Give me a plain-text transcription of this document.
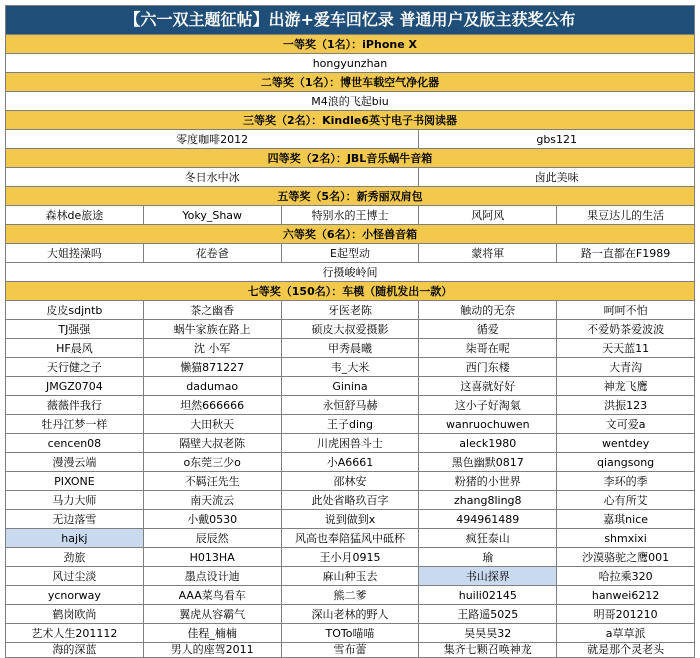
【六一双主题征帖】出游+爱车回忆录 普通用户及版主获奖公布				
一等奖（1名）：iPhone X				
hongyunzhan				
二等奖（1名）：博世车载空气净化器				
M4浪的飞起biu				
三等奖（2名）：Kindle6英寸电子书阅读器				
零度咖啡2012			gbs121	
四等奖（2名）：JBL音乐蜗牛音箱				
冬日水中冰			卤此美味	
五等奖（5名）：新秀丽双肩包				
森林de旅途	Yoky_Shaw	特别水的王博士	风阿风	果豆达儿的生活
六等奖（6名）：小怪兽音箱				
大姐搓澡吗	花卷爸	E起型动	蒙将軍	路一直都在F1989
行摄峻岭间				
七等奖（150名）：车模（随机发出一款）				
皮皮sdjntb	茶之幽香	牙医老陈	触动的无奈	呵呵不怕
TJ强强	蜗牛家族在路上	硕皮大叔爱摄影	循爱	不爱奶茶爱波波
HF晨风	沈 小军	甲秀晨曦	柒哥在呢	天天蓝11
天行健之子	懒猫871227	韦_大米	西门东楼	大青沟
JMGZ0704	dadumao	Ginina	这喜就好好	神龙飞鹰
薇薇伴我行	坦然666666	永恒舒马赫	这小子好淘氣	洪振123
牡丹江梦一样	大田秋天	王子ding	wanruochuwen	文可爱a
cencen08	隔壁大叔老陈	川虎困兽斗士	aleck1980	wentdey
漫漫云端	o东莞三少o	小A6661	黑色幽默0817	qiangsong
PIXONE	不羁汪先生	邵林安	粉猪的小世界	李环的季
马力大师	南天流云	此处省略玖百字	zhang8ling8	心有所艾
无边落雪	小戴0530	说到做到x	494961489	嘉琪nice
hajkj	辰辰然	风高也奉陪猛风中砥杯	疯狂泰山	shmxixi
劲旅	H013HA	王小月0915	瑜	沙漠骆驼之鹰001
风过尘淡	墨点设计迪	麻山种玉去	书山探界	哈拉乘320
ycnorway	AAA菜鸟看车	熊二爹	huili02145	hanwei6212
鹤岗欧尚	翼虎从容霸气	深山老林的野人	王路遥5025	明哥201210
艺术人生201112	佳程_楠楠	TOTo喵喵	昊昊昊32	a草草派
海的深蓝	男人的座驾2011	雪布蕾	集齐七颗召唤神龙	就是那个灵老头
